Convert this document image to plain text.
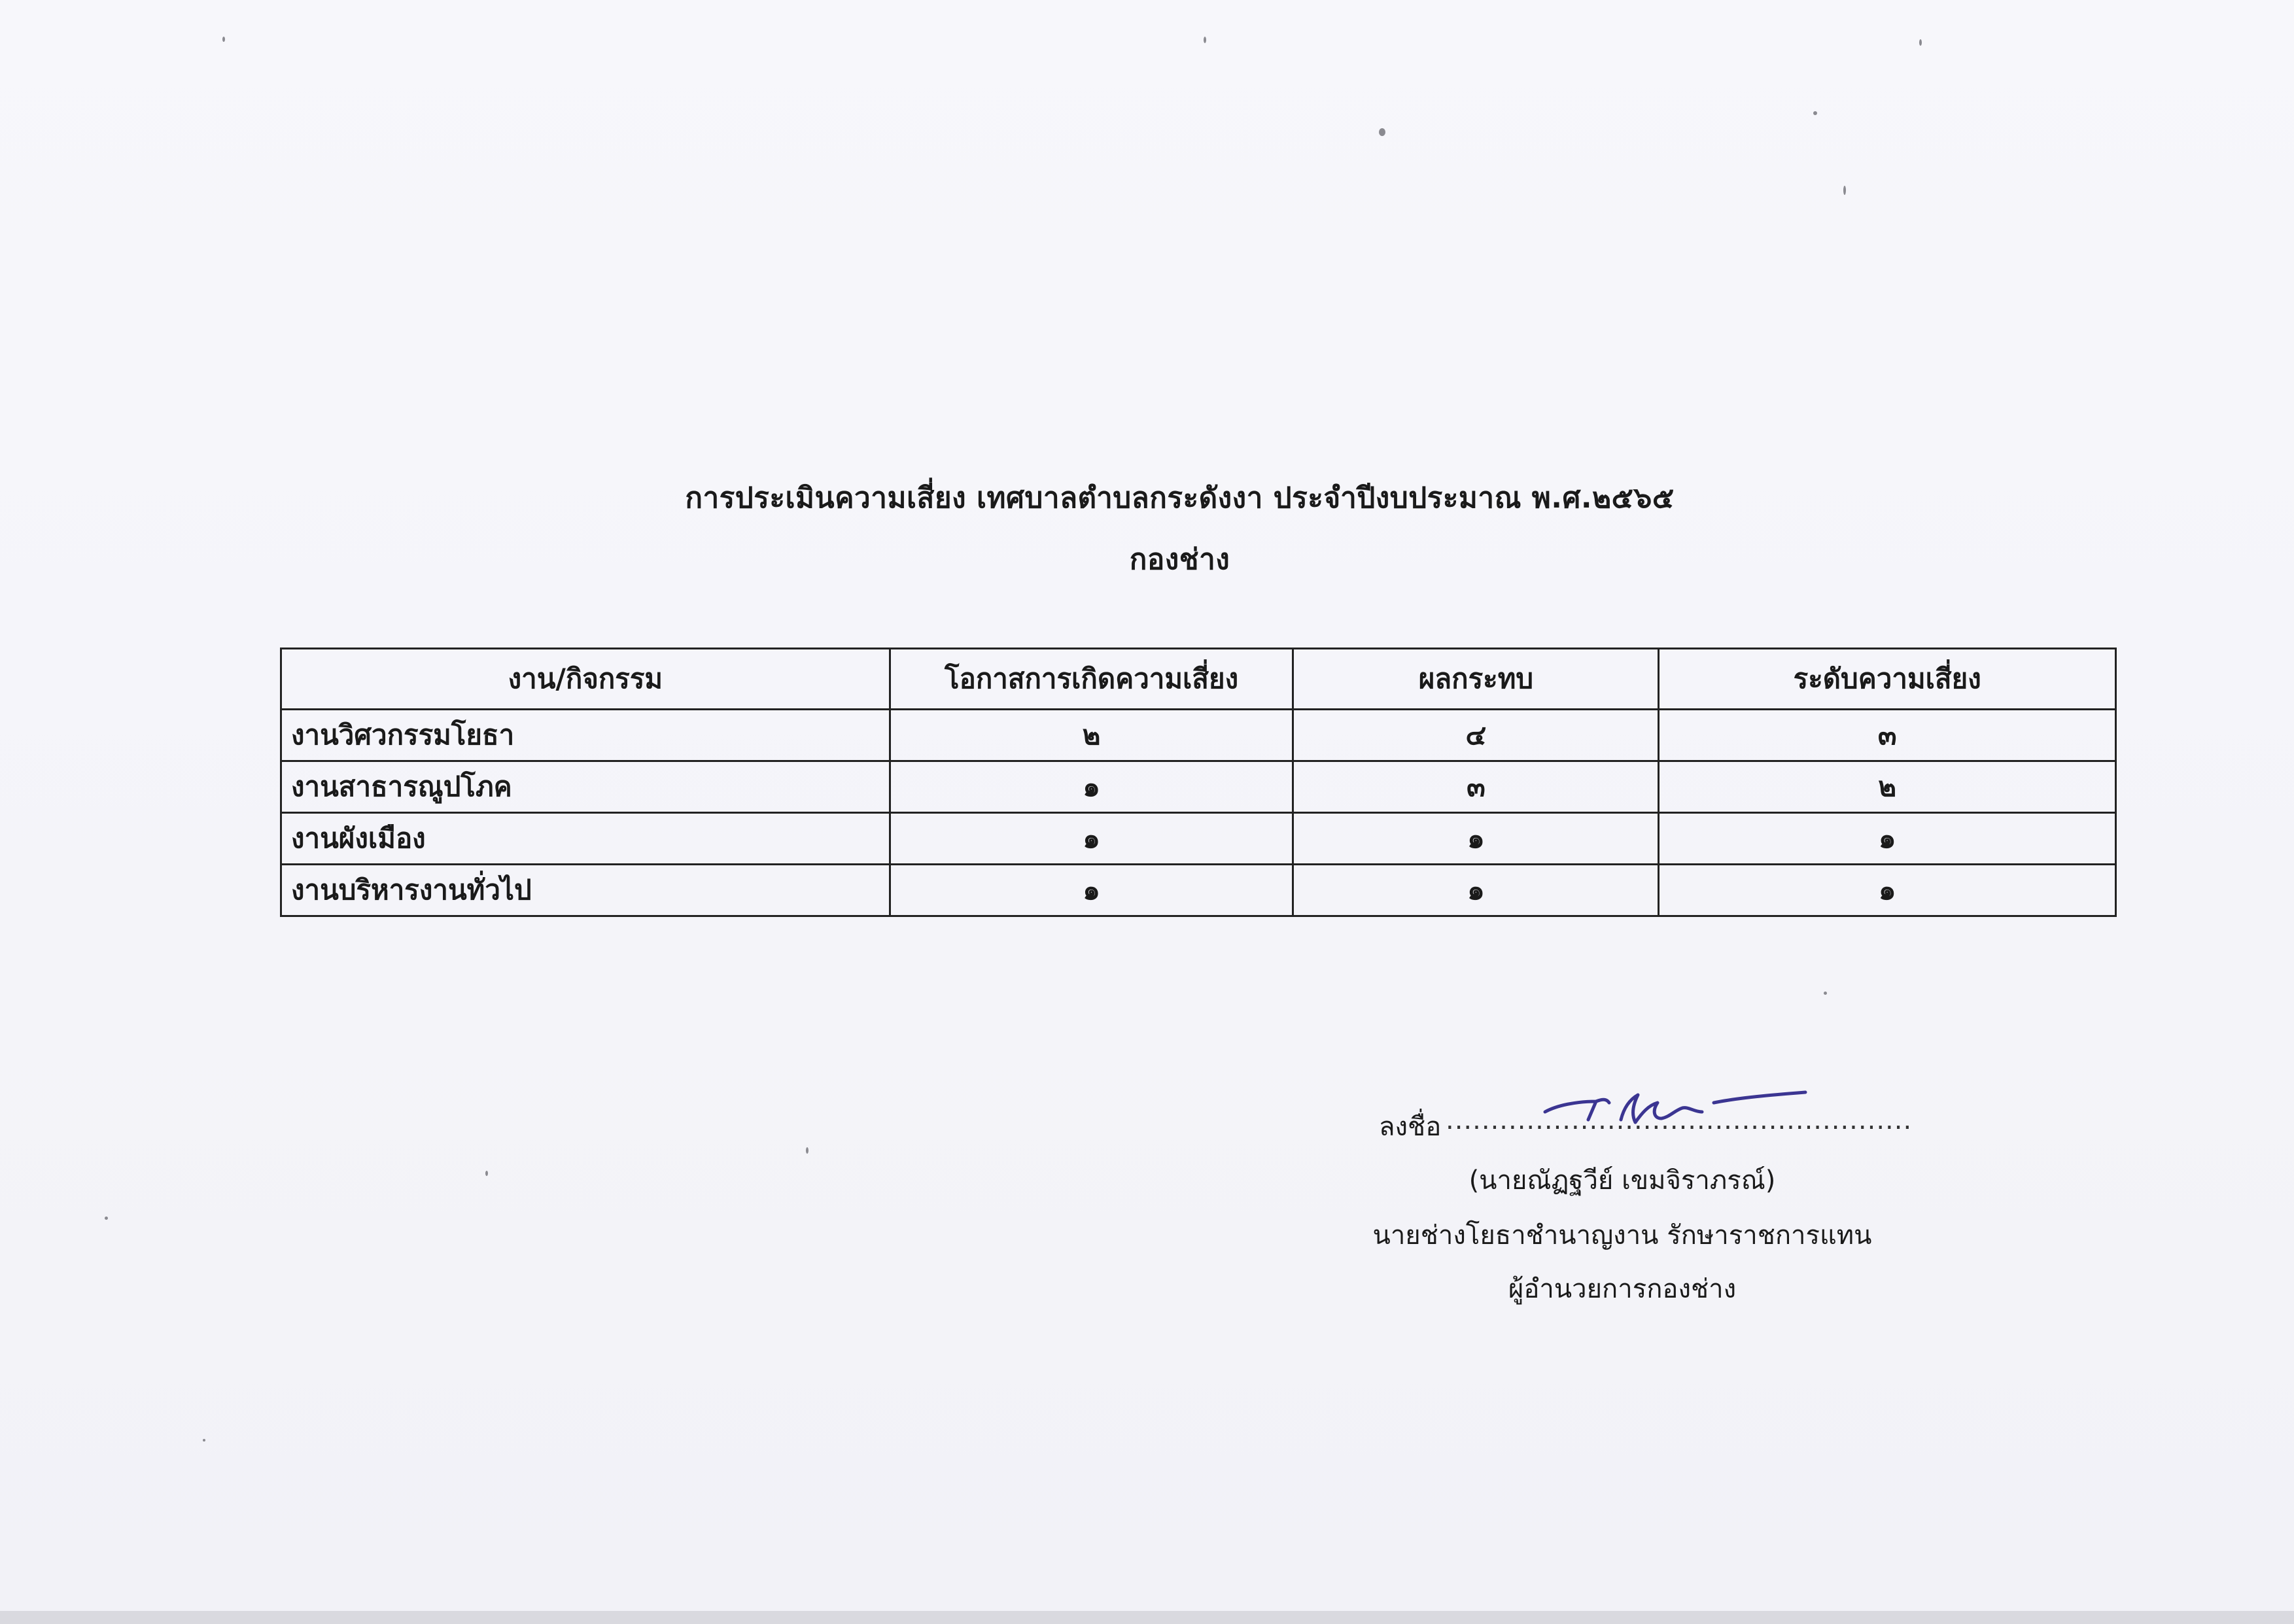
การประเมินความเสี่ยง เทศบาลตำบลกระดังงา ประจำปีงบประมาณ พ.ศ.๒๕๖๕
กองช่าง
งาน/กิจกรรม	โอกาสการเกิดความเสี่ยง	ผลกระทบ	ระดับความเสี่ยง
งานวิศวกรรมโยธา	๒	๔	๓
งานสาธารณูปโภค	๑	๓	๒
งานผังเมือง	๑	๑	๑
งานบริหารงานทั่วไป	๑	๑	๑
ลงชื่อ ....................................................
(นายณัฏฐวีย์ เขมจิราภรณ์)
นายช่างโยธาชำนาญงาน รักษาราชการแทน
ผู้อำนวยการกองช่าง
